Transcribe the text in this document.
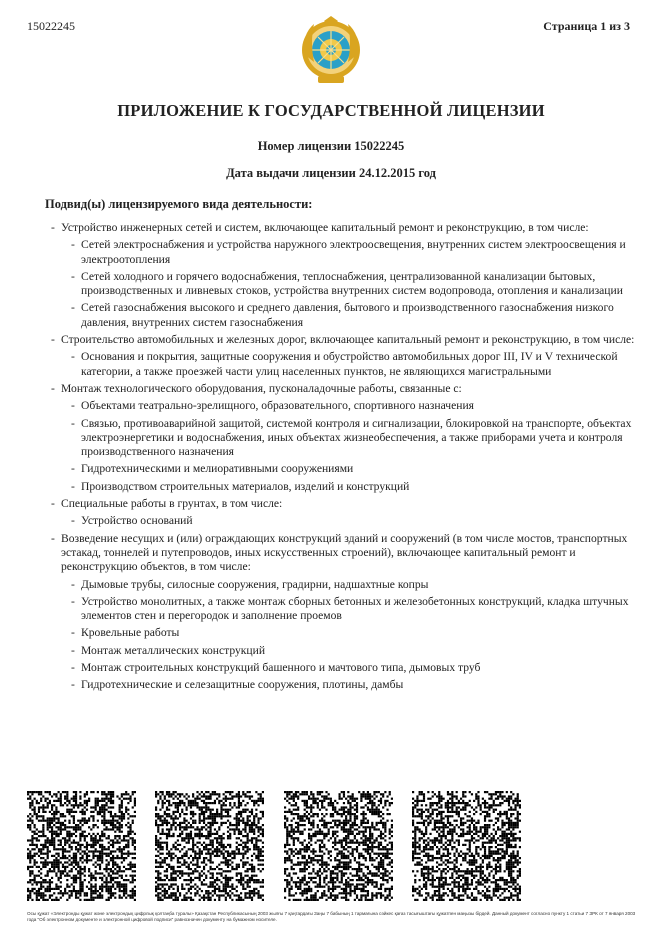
15022245	Страница 1 из 3
ПРИЛОЖЕНИЕ К ГОСУДАРСТВЕННОЙ ЛИЦЕНЗИИ
Номер лицензии 15022245
Дата выдачи лицензии 24.12.2015 год
Подвид(ы) лицензируемого вида деятельности:
- Устройство инженерных сетей и систем, включающее капитальный ремонт и реконструкцию, в том числе:
- Сетей электроснабжения и устройства наружного электроосвещения, внутренних систем электроосвещения и электроотопления
- Сетей холодного и горячего водоснабжения, теплоснабжения, централизованной канализации бытовых, производственных и ливневых стоков, устройства внутренних систем водопровода, отопления и канализации
- Сетей газоснабжения высокого и среднего давления, бытового и производственного газоснабжения низкого давления, внутренних систем газоснабжения
- Строительство автомобильных и железных дорог, включающее капитальный ремонт и реконструкцию, в том числе:
- Основания и покрытия, защитные сооружения и обустройство автомобильных дорог III, IV и V технической категории, а также проезжей части улиц населенных пунктов, не являющихся магистральными
- Монтаж технологического оборудования, пусконаладочные работы, связанные с:
- Объектами театрально-зрелищного, образовательного, спортивного назначения
- Связью, противоаварийной защитой, системой контроля и сигнализации, блокировкой на транспорте, объектах электроэнергетики и водоснабжения, иных объектах жизнеобеспечения, а также приборами учета и контроля производственного назначения
- Гидротехническими и мелиоративными сооружениями
- Производством строительных материалов, изделий и конструкций
- Специальные работы в грунтах, в том числе:
- Устройство оснований
- Возведение несущих и (или) ограждающих конструкций зданий и сооружений (в том числе мостов, транспортных эстакад, тоннелей и путепроводов, иных искусственных строений), включающее капитальный ремонт и реконструкцию объектов, в том числе:
- Дымовые трубы, силосные сооружения, градирни, надшахтные копры
- Устройство монолитных, а также монтаж сборных бетонных и железобетонных конструкций, кладка штучных элементов стен и перегородок и заполнение проемов
- Кровельные работы
- Монтаж металлических конструкций
- Монтаж строительных конструкций башенного и мачтового типа, дымовых труб
- Гидротехнические и селезащитные сооружения, плотины, дамбы
Осы құжат «Электронды құжат және электрондық цифрлық қолтаңба туралы» Қазақстан Республикасының 2003 жылғы 7 қаңтардағы Заңы 7 бабының 1 тармағына сәйкес қағаз тасығыштағы құжатпен маңызы бірдей. Данный документ согласно пункту 1 статьи 7 ЗРК от 7 января 2003 года "Об электронном документе и электронной цифровой подписи" равнозначен документу на бумажном носителе.
